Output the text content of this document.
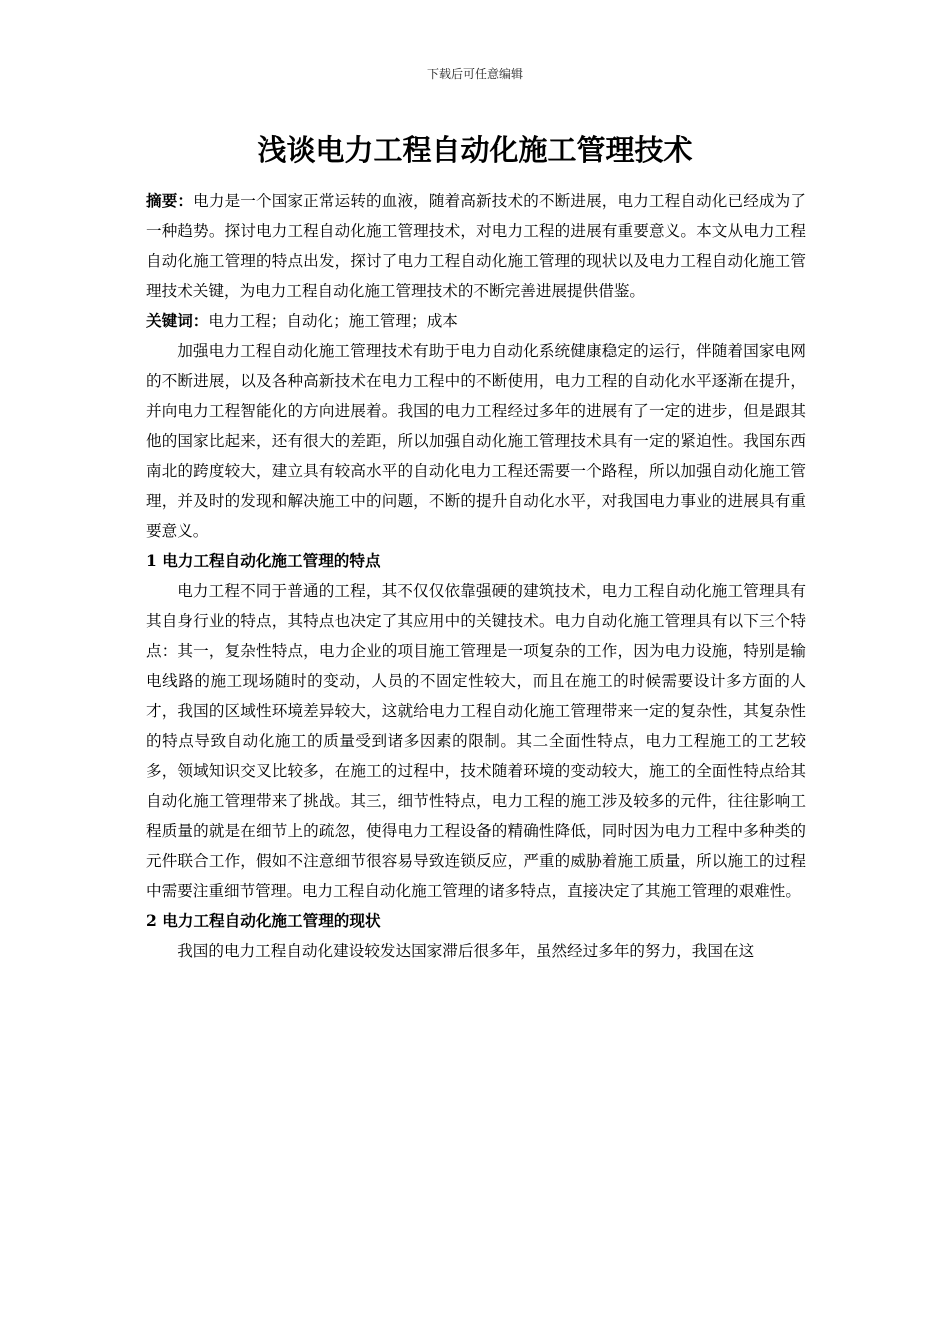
下载后可任意编辑
浅谈电力工程自动化施工管理技术

摘要：电力是一个国家正常运转的血液，随着高新技术的不断进展，电力工程自动化已经成为了一种趋势。探讨电力工程自动化施工管理技术，对电力工程的进展有重要意义。本文从电力工程自动化施工管理的特点出发，探讨了电力工程自动化施工管理的现状以及电力工程自动化施工管理技术关键，为电力工程自动化施工管理技术的不断完善进展提供借鉴。

关键词：电力工程；自动化；施工管理；成本

加强电力工程自动化施工管理技术有助于电力自动化系统健康稳定的运行，伴随着国家电网的不断进展，以及各种高新技术在电力工程中的不断使用，电力工程的自动化水平逐渐在提升，并向电力工程智能化的方向进展着。我国的电力工程经过多年的进展有了一定的进步，但是跟其他的国家比起来，还有很大的差距，所以加强自动化施工管理技术具有一定的紧迫性。我国东西南北的跨度较大，建立具有较高水平的自动化电力工程还需要一个路程，所以加强自动化施工管理，并及时的发现和解决施工中的问题，不断的提升自动化水平，对我国电力事业的进展具有重要意义。

1 电力工程自动化施工管理的特点

电力工程不同于普通的工程，其不仅仅依靠强硬的建筑技术，电力工程自动化施工管理具有其自身行业的特点，其特点也决定了其应用中的关键技术。电力自动化施工管理具有以下三个特点：其一，复杂性特点，电力企业的项目施工管理是一项复杂的工作，因为电力设施，特别是输电线路的施工现场随时的变动，人员的不固定性较大，而且在施工的时候需要设计多方面的人才，我国的区域性环境差异较大，这就给电力工程自动化施工管理带来一定的复杂性，其复杂性的特点导致自动化施工的质量受到诸多因素的限制。其二全面性特点，电力工程施工的工艺较多，领域知识交叉比较多，在施工的过程中，技术随着环境的变动较大，施工的全面性特点给其自动化施工管理带来了挑战。其三，细节性特点，电力工程的施工涉及较多的元件，往往影响工程质量的就是在细节上的疏忽，使得电力工程设备的精确性降低，同时因为电力工程中多种类的元件联合工作，假如不注意细节很容易导致连锁反应，严重的威胁着施工质量，所以施工的过程中需要注重细节管理。电力工程自动化施工管理的诸多特点，直接决定了其施工管理的艰难性。

2 电力工程自动化施工管理的现状

我国的电力工程自动化建设较发达国家滞后很多年，虽然经过多年的努力，我国在这
